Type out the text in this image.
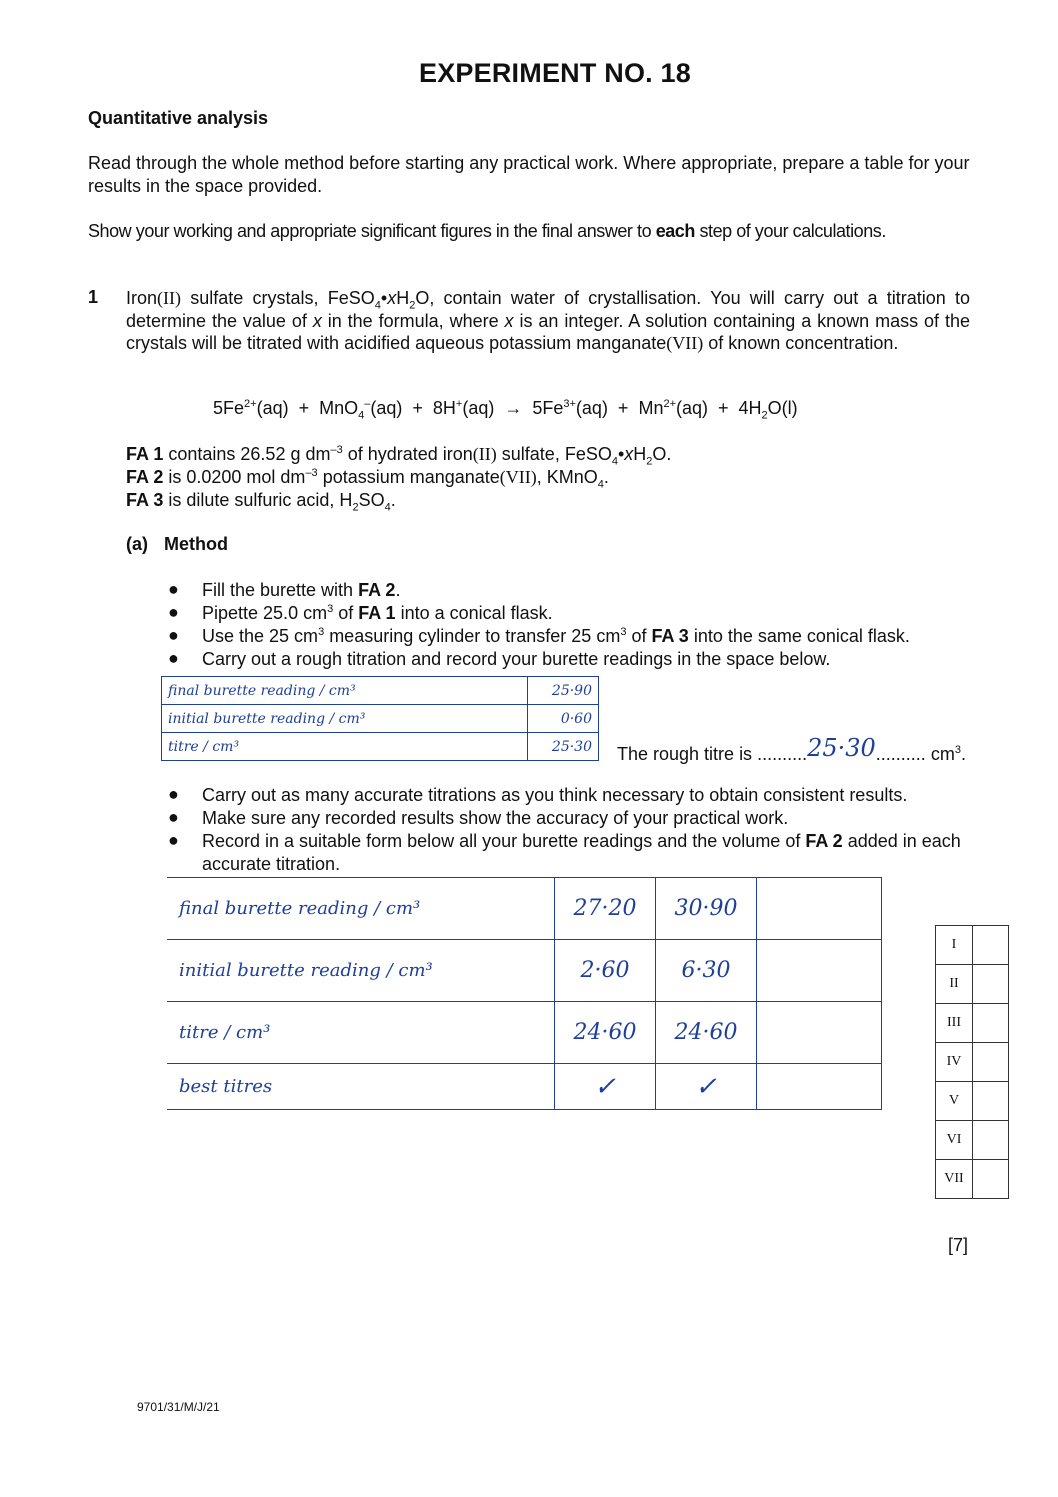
EXPERIMENT NO. 18
Quantitative analysis
Read through the whole method before starting any practical work. Where appropriate, prepare a table for your results in the space provided.
Show your working and appropriate significant figures in the final answer to each step of your calculations.
1 Iron(II) sulfate crystals, $FeSO_4•xH_2O$, contain water of crystallisation. You will carry out a titration to determine the value of x in the formula, where x is an integer. A solution containing a known mass of the crystals will be titrated with acidified aqueous potassium manganate(VII) of known concentration.
$5Fe^{2+}(aq) + MnO_4^-(aq) + 8H^+(aq) \to 5Fe^{3+}(aq) + Mn^{2+}(aq) + 4H_2O(l)$
FA 1 contains 26.52 g $dm^{-3}$ of hydrated iron(II) sulfate, $FeSO_4•xH_2O$.
FA 2 is 0.0200 mol $dm^{-3}$ potassium manganate(VII), KMnO$_4$.
FA 3 is dilute sulfuric acid, $H_2SO_4$.
(a) Method
● Fill the burette with FA 2.
● Pipette 25.0 $cm^3$ of FA 1 into a conical flask.
● Use the 25 $cm^3$ measuring cylinder to transfer 25 $cm^3$ of FA 3 into the same conical flask.
● Carry out a rough titration and record your burette readings in the space below.
final burette reading / cm³	25·90
initial burette reading / cm³	0·60
titre / cm³	25·30 The rough titre is ..........25·30.......... $cm^3$.
● Carry out as many accurate titrations as you think necessary to obtain consistent results.
● Make sure any recorded results show the accuracy of your practical work.
● Record in a suitable form below all your burette readings and the volume of FA 2 added in each accurate titration.
final burette reading / cm³	27·20	30·90	
initial burette reading / cm³	2·60	6·30	
titre / cm³	24·60	24·60	
best titres	✓	✓	
I	
II	
III	
IV	
V	
VI	
VII	
[7]
9701/31/M/J/21
